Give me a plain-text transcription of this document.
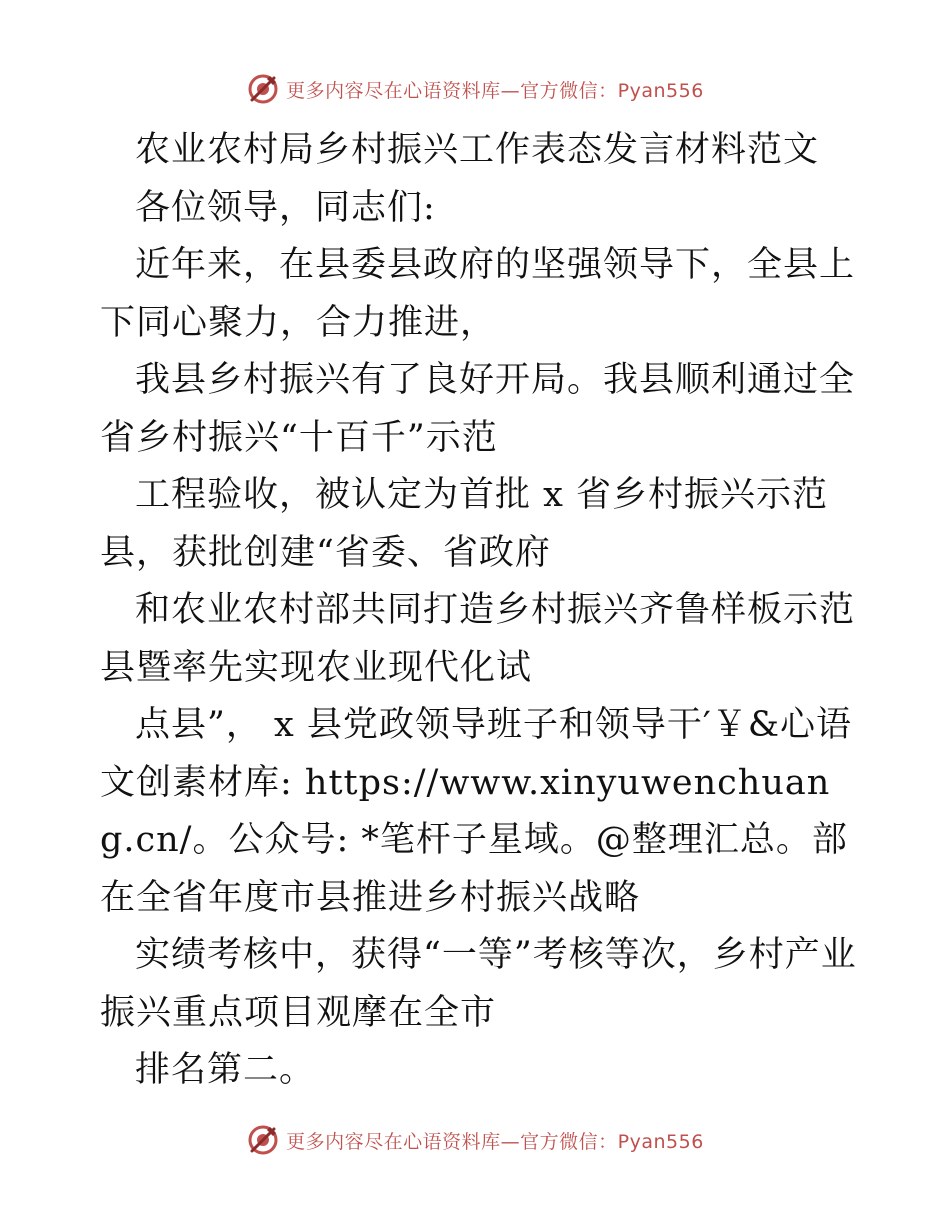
更多内容尽在心语资料库—官方微信：Pyan556

农业农村局乡村振兴工作表态发言材料范文

各位领导，同志们:

近年来，在县委县政府的坚强领导下，全县上下同心聚力，合力推进，

我县乡村振兴有了良好开局。我县顺利通过全省乡村振兴“十百千”示范

工程验收，被认定为首批 x 省乡村振兴示范县，获批创建“省委、省政府

和农业农村部共同打造乡村振兴齐鲁样板示范县暨率先实现农业现代化试

点县”， x 县党政领导班子和领导干′￥&心语文创素材库: https://www.xinyuwenchuang.cn/。公众号: *笔杆子星域。@整理汇总。部在全省年度市县推进乡村振兴战略

实绩考核中，获得“一等”考核等次，乡村产业振兴重点项目观摩在全市

排名第二。

更多内容尽在心语资料库—官方微信：Pyan556
